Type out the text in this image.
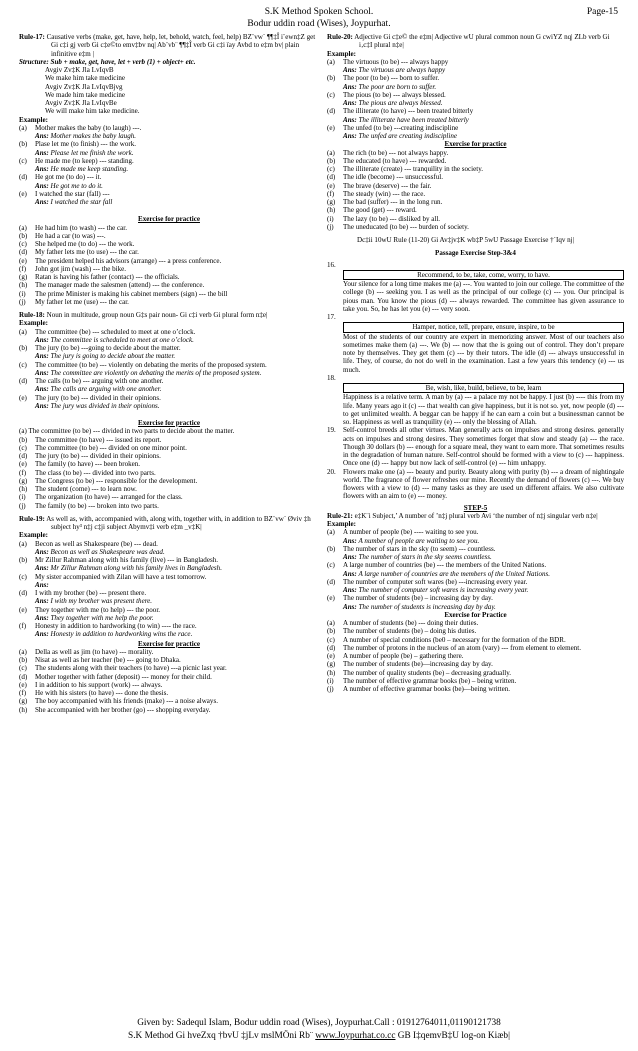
S.K Method Spoken School.	Page-15
Bodur uddin road (Wises), Joypurhat.
Rule-17: Causative verbs (make, get, have, help, let, behold, watch, feel, help) BZ¨vw` ¶¶‡Î i¨ewn‡Z get Gi c‡i gj verb Gi c‡e©to emv‡bv nq| Ab¨vb¨ ¶¶‡Î verb Gi c‡i ïay Avbd to e‡m bv| plain infinitive e‡m |
Structure: Sub + make, get, have, let + verb (1) + object+ etc.
Avgiv Zv‡K Jla LvIqvB
We make him take medicine
Avgiv Zv‡K Jla LvIqvBjvg
We made him take medicine
Avgiv Zv‡K Jla LvIqvBe
We will make him take medicine.
Example:
(a)	Mother makes the baby (to laugh) ---.
Ans: Mother makes the baby laugh.
(b)	Plase let me (to finish) --- the work.
Ans: Please let me finish the work.
(c)	He made me (to keep) --- standing.
Ans: He made me keep standing.
(d)	He got me (to do) --- it.
Ans: He got me to do it.
(e)	I watched the star (fall) ---
Ans: I watched the star fall
Exercise for practice
(a)	He had him (to wash) --- the car.
(b)	He had a car (to was) ---.
(c)	She helped me (to do) --- the work.
(d)	My father lets me (to use) --- the car.
(e)	The president helped his advisors (arrange) --- a press conference.
(f)	John got jim (wash) --- the bike.
(g)	Ratan is having his father (contact) --- the officials.
(h)	The manager made the salesmen (attend) --- the conference.
(i)	The prime Minister is making his cabinet members (sign) --- the bill
(j)	My father let me (use) --- the car.
Rule-18: Noun in multitude, group noun G‡s pair noun- Gi c‡i verb Gi plural form n‡e|
Example:
(a)	The committee (be) --- scheduled to meet at one o’clock.
Ans: The committee is scheduled to meet at one o’clock.
(b)	The jury (to be) ---going to decide about the matter.
Ans: The jury is going to decide about the matter.
(c)	The committee (to be) --- violently on debating the merits of the proposed system.
Ans: The committee are violently on debating the merits of the proposed system.
(d)	The calls (to be) --- arguing with one another.
Ans: The calls are arguing with one another.
(e)	The jury (to be) --- divided in their opinions.
Ans: The jury was divided in their opinions.
Exercise for practice
(a) The committee (to be) --- divided in two parts to decide about the matter.
(b)	The committee (to have) --- issued its report.
(c)	The committee (to be) --- divided on one minor point.
(d)	The jury (to be) --- divided in their opinions.
(e)	The family (to have) --- been broken.
(f)	The class (to be) --- divided into two parts.
(g)	The Congress (to be) --- responsible for the development.
(h)	The student (come) --- to learn now.
(i)	The organization (to have) --- arranged for the class.
(j)	The family (to be) --- broken into two parts.
Rule-19: As well as, with, accompanied with, along with, together with, in addition to BZ¨vw` Øviv ‡h subject hy³ n‡j c‡ji subject Abymv‡i verb e‡m _v‡K|
Example:
(a)	Becon as well as Shakespeare (be) --- dead.
Ans: Becon as well as Shakespeare was dead.
(b)	Mr Zillur Rahman along with his family (live) --- in Bangladesh.
Ans: Mr Zillur Rahman along with his family lives in Bangladesh.
(c)	My sister accompanied with Zilan will have a test tomorrow.
Ans:
(d)	I with my brother (be) --- present there.
Ans: I with my brother was present there.
(e)	They together with me (to help) --- the poor.
Ans: They together with me help the poor.
(f)	Honesty in addition to hardworking (to win) ---- the race.
Ans: Honesty in addition to hardworking wins the race.
Exercise for practice
(a)	Della as well as jim (to have) --- morality.
(b)	Nisat as well as her teacher (be) --- going to Dhaka.
(c)	The students along with their teachers (to have) ---a picnic last year.
(d)	Mother together with father (deposit) --- money for their child.
(e)	I in addition to his support (work) --- always.
(f)	He with his sisters (to have) --- done the thesis.
(g)	The boy accompanied with his friends (make) --- a noise always.
(h)	She accompanied with her brother (go) --- shopping everyday.
Rule-20: Adjective Gi c‡e© the e‡m| Adjective wU plural common noun G cwiYZ nq| ZLb verb Gi i‚c‡I plural n‡e|
Example:
(a)	The virtuous (to be) --- always happy
Ans: The virtuous are always happy
(b)	The poor (to be) --- born to suffer.
Ans: The poor are born to suffer.
(c)	The pious (to be) --- always blessed.
Ans: The pious are always blessed.
(d)	The illiterate (to have) --- been treated bitterly
Ans: The illiterate have been treated bitterly
(e)	The unfed (to be) ---creating indiscipline
Ans: The unfed are creating indiscipline
Exercise for practice
(a)	The rich (to be) --- not always happy.
(b)	The educated (to have) --- rewarded.
(c)	The illiterate (create) --- tranquility in the society.
(d)	The idle (become) --- unsuccessful.
(e)	The brave (deserve) --- the fair.
(f)	The steady (win) --- the race.
(g)	The bad (suffer) --- in the long run.
(h)	The good (get) --- reward.
(i)	The lazy (to be) --- disliked by all.
(j)	The uneducated (to be) --- burden of society.
Dc‡ii 10wU Rule (11-20) Gi Av‡jv‡K wb‡P 5wU Passage Exercise †`Iqv nj|
Passage Exercise Step-3&4
16.
Recommend, to be, take, come, worry, to have.
Your silence for a long time makes me (a) ---. You wanted to join our college. The committee of the college (b) --- seeking you. I as well as the principal of our college (c) --- you. Our principal is pious man. You know the pious (d) --- always rewarded. The committee has given assurance to take you. So, he has let you (e) --- very soon.
17.
Hamper, notice, tell, prepare, ensure, inspire, to be
Most of the students of our country are expert in memorizing answer. Most of our teachers also sometimes make them (a) ---. We (b) --- now that the is going out of control. They don’t prepare note by themselves. They get them (c) --- by their tutors. The idle (d) --- always unsuccessful in life. They, of course, do not do well in the examination. Last a few years this tendency (e) --- us much.
18.
Be, wish, like, build, believe, to be, learn
Happiness is a relative term. A man by (a) --- a palace my not be happy. I just (b) ---- this from my life. Many years ago it (c) --- that wealth can give happiness, but it is not so. yet, now people (d) --- to get unlimited wealth. A beggar can be happy if he can earn a coin but a businessman cannot be so. Happiness as well as tranquility (e) --- only the blessing of Allah.
19.	Self-control breeds all other virtues. Man generally acts on impulses and strong desires. generally acts on impulses and strong desires. They sometimes forget that slow and steady (a) --- the race. Though 30 dollars (b) --- enough for a square meal, they want to earn more. That sometimes results in the degradation of human nature. Self-control should be formed with a view to (c) --- happiness. Once one (d) --- happy but now lack of self-control (e) --- him unhappy.
20.	Flowers make one (a) --- beauty and purity. Beauty along with purity (b) --- a dream of nightingale world. The fragrance of flower refreshes our mine. Recently the demand of flowers (c) ---. We buy flowers with a view to (d) --- many tasks as they are used un different affairs. We also cultivate flowers with an aim to (e) --- money.
STEP-5
Rule-21: e‡K¨i Subject,’ A number of ’n‡j plural verb Avi ‘the number of n‡j singular verb n‡e|
Example:
(a)	A number of people (be) ---- waiting to see you.
Ans: A number of people are waiting to see you.
(b)	The number of stars in the sky (to seem) --- countless.
Ans: The number of stars in the sky seems countless.
(c)	A large number of countries (be) --- the members of the United Nations.
Ans: A large number of countries are the members of the United Nations.
(d)	The number of computer soft wares (be) ---increasing every year.
Ans: The number of computer soft wares is increasing every year.
(e)	The number of students (be) – increasing day by day.
Ans: The number of students is increasing day by day.
Exercise for Practice
(a)	A number of students (be) --- doing their duties.
(b)	The number of students (be) – doing his duties.
(c)	A number of special conditions (be0 – necessary for the formation of the BDR.
(d)	The number of protons in the nucleus of an atom (vary) --- from element to element.
(e)	A number of people (be) – gathering there.
(g)	The number of students (be)—increasing day by day.
(h)	The number of quality students (be) – decreasing gradually.
(i)	The number of effective grammar books (be) – being written.
(j)	A number of effective grammar books (be)—being written.
Given by: Sadequl Islam, Bodur uddin road (Wises), Joypurhat.Call : 01912764011,01190121738
S.K Method Gi hveZxq †bvU ‡jLv mslMÖni Rb¨ www.Joypurhat.co.cc GB I‡qemvB‡U log-on Kiæb|
